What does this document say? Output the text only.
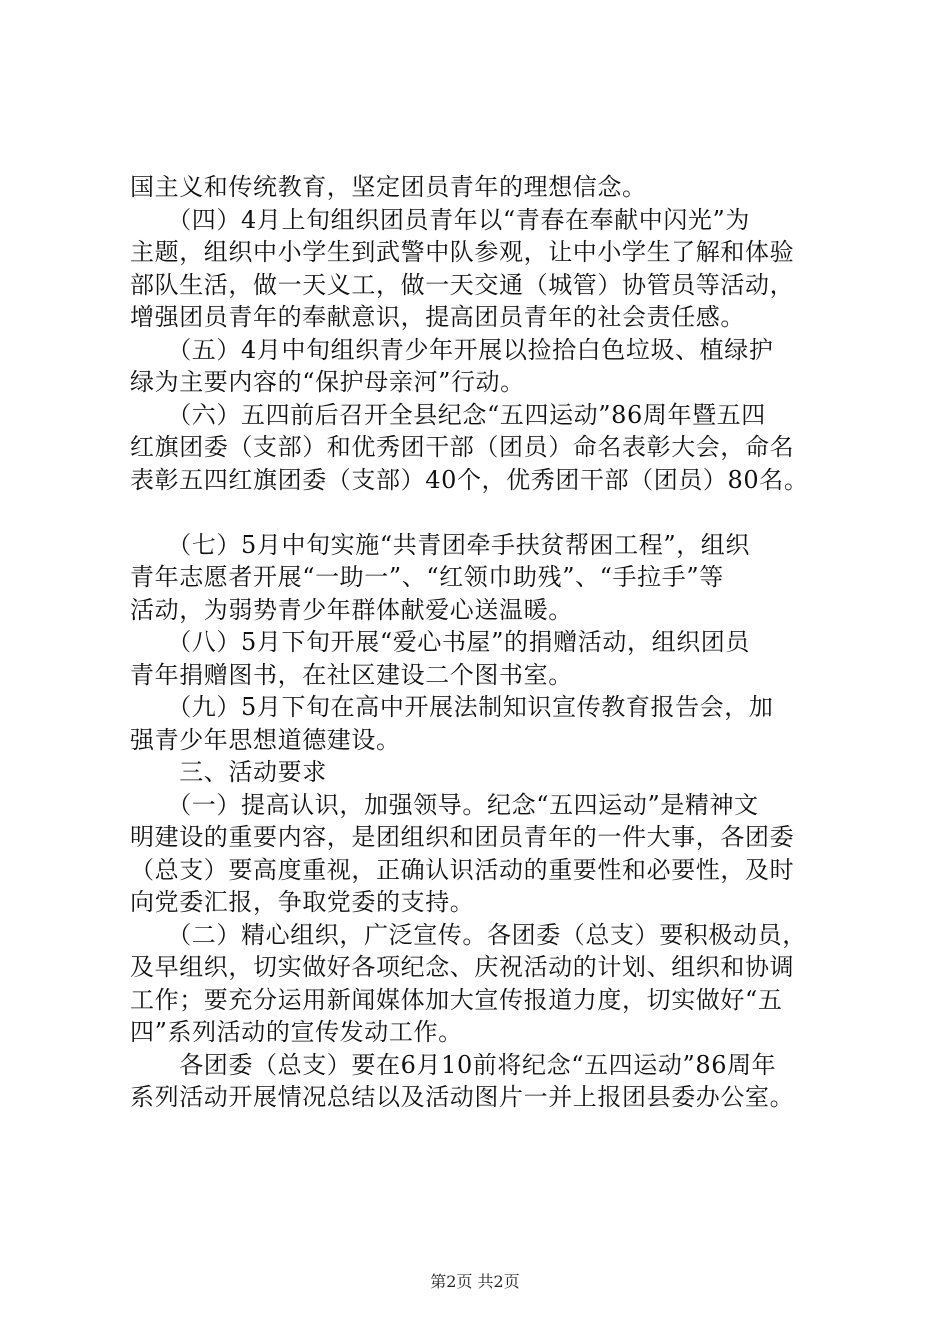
国主义和传统教育，坚定团员青年的理想信念。
　　（四）4月上旬组织团员青年以“青春在奉献中闪光”为
主题，组织中小学生到武警中队参观，让中小学生了解和体验
部队生活，做一天义工，做一天交通（城管）协管员等活动，
增强团员青年的奉献意识，提高团员青年的社会责任感。
　　（五）4月中旬组织青少年开展以捡拾白色垃圾、植绿护
绿为主要内容的“保护母亲河”行动。
　　（六）五四前后召开全县纪念“五四运动”86周年暨五四
红旗团委（支部）和优秀团干部（团员）命名表彰大会，命名
表彰五四红旗团委（支部）40个，优秀团干部（团员）80名。
　　（七）5月中旬实施“共青团牵手扶贫帮困工程”，组织
青年志愿者开展“一助一”、“红领巾助残”、“手拉手”等
活动，为弱势青少年群体献爱心送温暖。
　　（八）5月下旬开展“爱心书屋”的捐赠活动，组织团员
青年捐赠图书，在社区建设二个图书室。
　　（九）5月下旬在高中开展法制知识宣传教育报告会，加
强青少年思想道德建设。
　　三、活动要求
　　（一）提高认识，加强领导。纪念“五四运动”是精神文
明建设的重要内容，是团组织和团员青年的一件大事，各团委
（总支）要高度重视，正确认识活动的重要性和必要性，及时
向党委汇报，争取党委的支持。
　　（二）精心组织，广泛宣传。各团委（总支）要积极动员，
及早组织，切实做好各项纪念、庆祝活动的计划、组织和协调
工作；要充分运用新闻媒体加大宣传报道力度，切实做好“五
四”系列活动的宣传发动工作。
　　各团委（总支）要在6月10前将纪念“五四运动”86周年
系列活动开展情况总结以及活动图片一并上报团县委办公室。
第2页 共2页
